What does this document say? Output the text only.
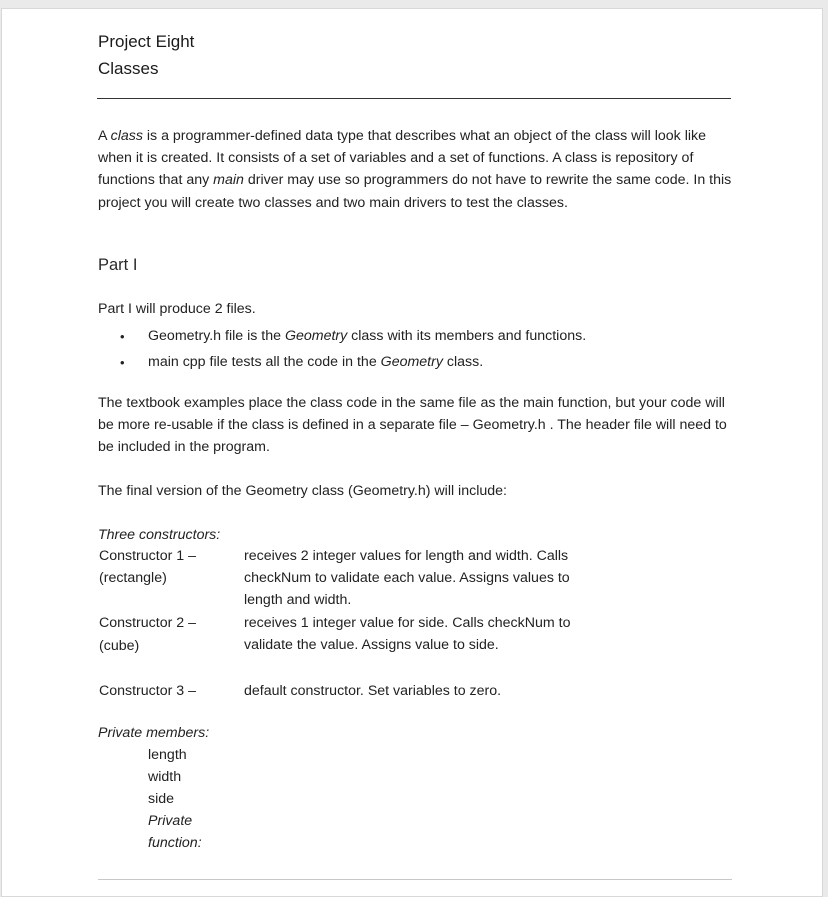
Project Eight
Classes

A class is a programmer-defined data type that describes what an object of the class will look like when it is created. It consists of a set of variables and a set of functions. A class is repository of functions that any main driver may use so programmers do not have to rewrite the same code. In this project you will create two classes and two main drivers to test the classes.

Part I

Part I will produce 2 files.

• Geometry.h file is the Geometry class with its members and functions.
• main cpp file tests all the code in the Geometry class.

The textbook examples place the class code in the same file as the main function, but your code will be more re-usable if the class is defined in a separate file – Geometry.h . The header file will need to be included in the program.

The final version of the Geometry class (Geometry.h) will include:

Three constructors:
Constructor 1 –
(rectangle)
receives 2 integer values for length and width. Calls checkNum to validate each value. Assigns values to length and width.
Constructor 2 –
(cube)
receives 1 integer value for side. Calls checkNum to validate the value. Assigns value to side.
Constructor 3 –	default constructor. Set variables to zero.
Private members:
length
width
side
Private
function:
